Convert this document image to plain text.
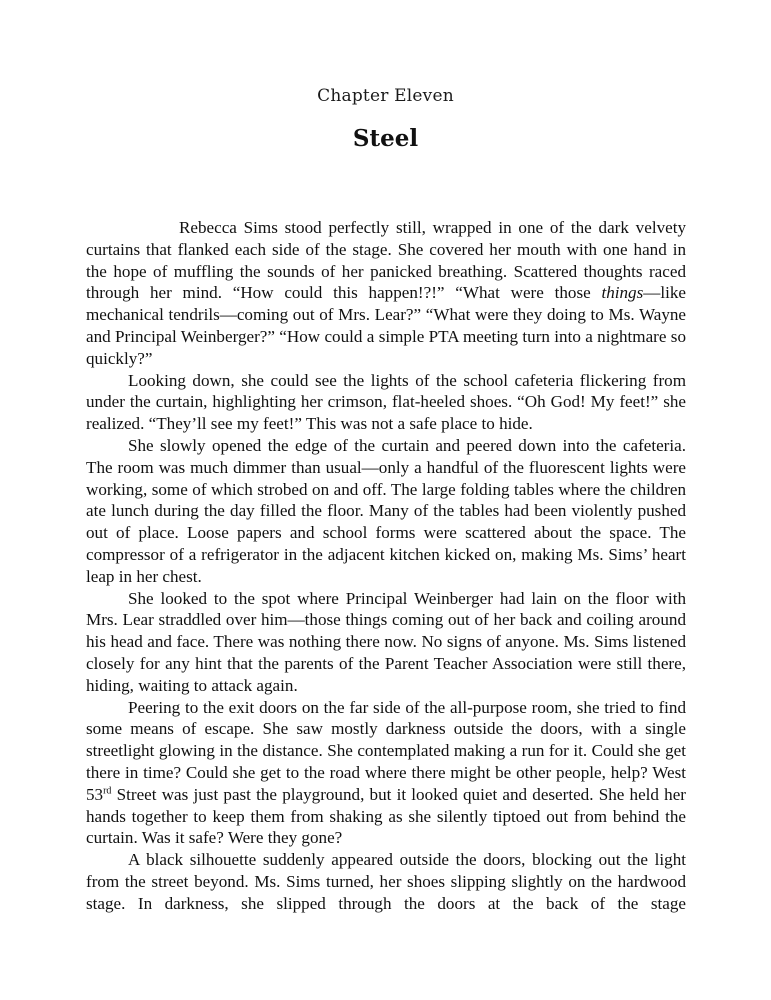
Chapter Eleven
Steel

Rebecca Sims stood perfectly still, wrapped in one of the dark velvety curtains that flanked each side of the stage. She covered her mouth with one hand in the hope of muffling the sounds of her panicked breathing. Scattered thoughts raced through her mind. “How could this happen!?!” “What were those things—like mechanical tendrils—coming out of Mrs. Lear?” “What were they doing to Ms. Wayne and Principal Weinberger?” “How could a simple PTA meeting turn into a nightmare so quickly?”

Looking down, she could see the lights of the school cafeteria flickering from under the curtain, highlighting her crimson, flat-heeled shoes. “Oh God! My feet!” she realized. “They’ll see my feet!” This was not a safe place to hide.

She slowly opened the edge of the curtain and peered down into the cafeteria. The room was much dimmer than usual—only a handful of the fluorescent lights were working, some of which strobed on and off. The large folding tables where the children ate lunch during the day filled the floor. Many of the tables had been violently pushed out of place. Loose papers and school forms were scattered about the space. The compressor of a refrigerator in the adjacent kitchen kicked on, making Ms. Sims’ heart leap in her chest.

She looked to the spot where Principal Weinberger had lain on the floor with Mrs. Lear straddled over him—those things coming out of her back and coiling around his head and face. There was nothing there now. No signs of anyone. Ms. Sims listened closely for any hint that the parents of the Parent Teacher Association were still there, hiding, waiting to attack again.

Peering to the exit doors on the far side of the all-purpose room, she tried to find some means of escape. She saw mostly darkness outside the doors, with a single streetlight glowing in the distance. She contemplated making a run for it. Could she get there in time? Could she get to the road where there might be other people, help? West 53rd Street was just past the playground, but it looked quiet and deserted. She held her hands together to keep them from shaking as she silently tiptoed out from behind the curtain. Was it safe? Were they gone?

A black silhouette suddenly appeared outside the doors, blocking out the light from the street beyond. Ms. Sims turned, her shoes slipping slightly on the hardwood stage. In darkness, she slipped through the doors at the back of the stage
